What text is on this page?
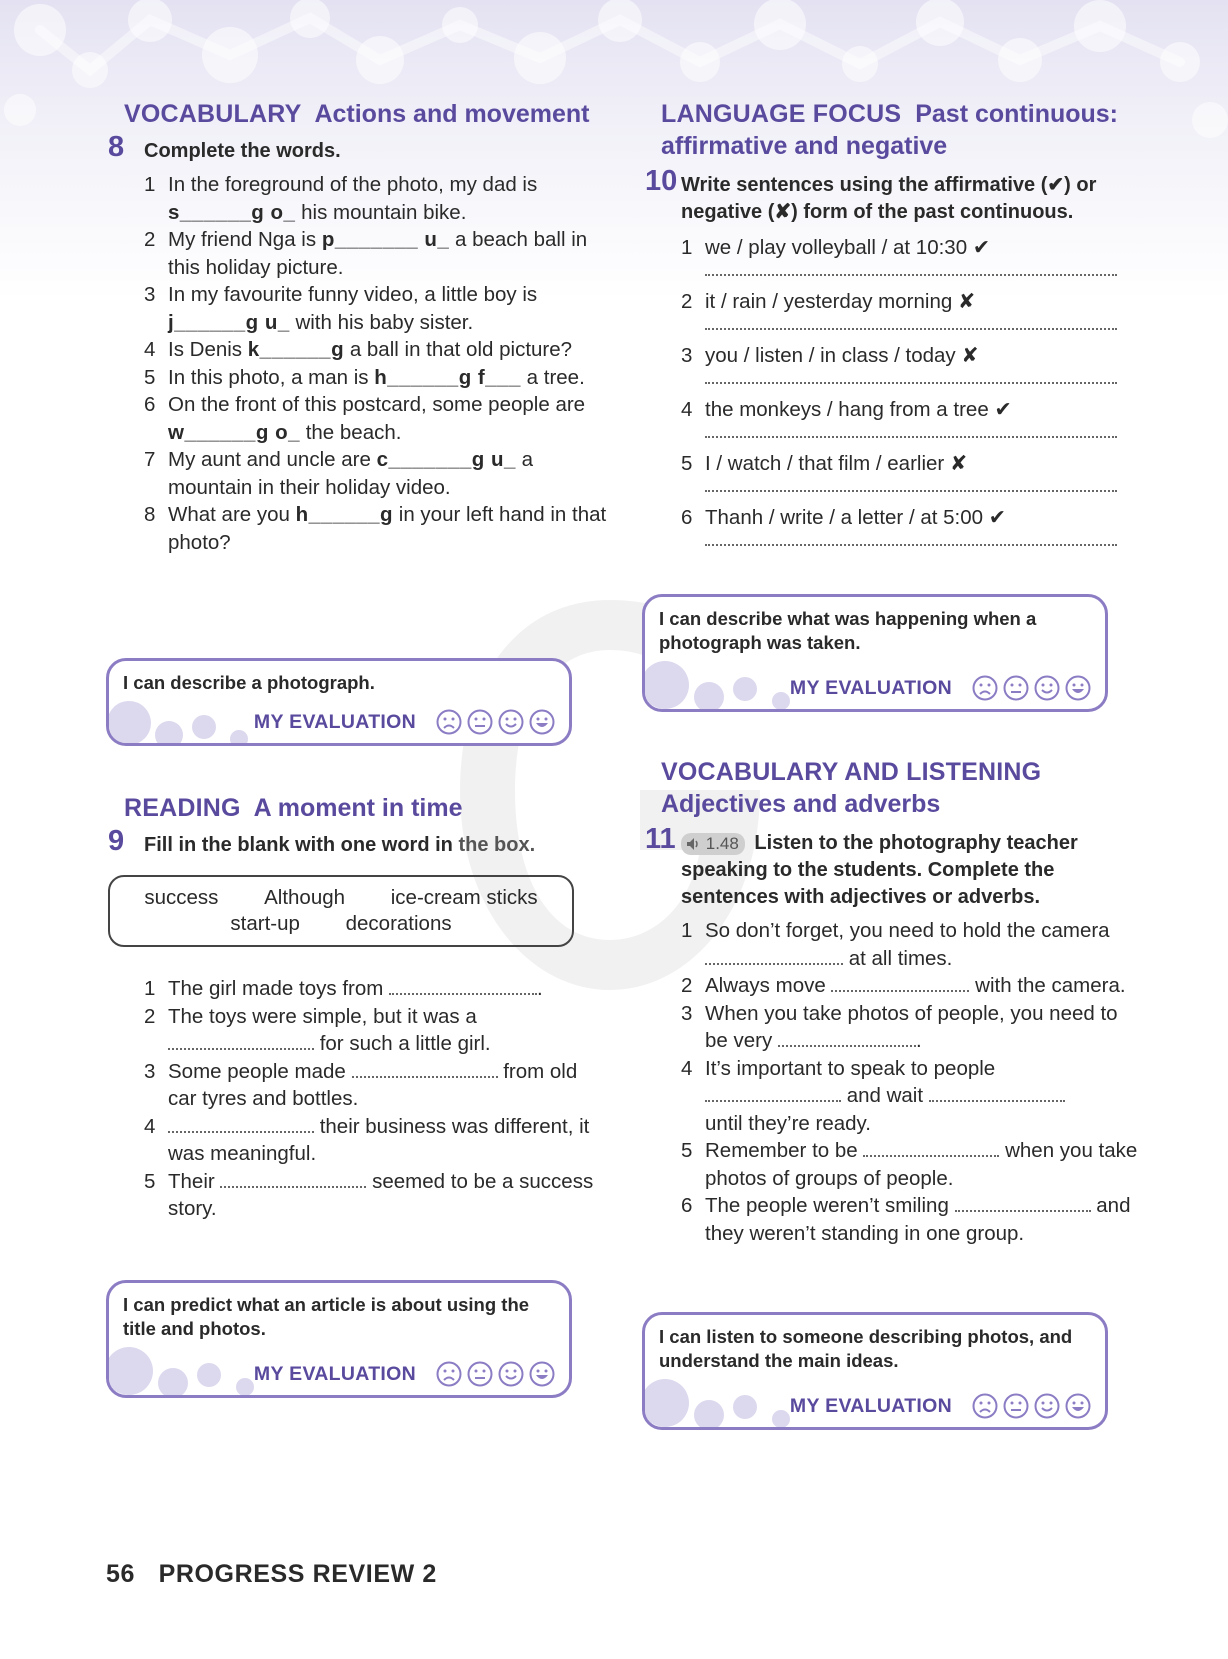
VOCABULARY Actions and movement
8 Complete the words.
1 In the foreground of the photo, my dad is
s______g o_ his mountain bike.
2 My friend Nga is p_______ u_ a beach ball in this holiday picture.
3 In my favourite funny video, a little boy is
j______g u_ with his baby sister.
4 Is Denis k______g a ball in that old picture?
5 In this photo, a man is h______g f___ a tree.
6 On the front of this postcard, some people are w______g o_ the beach.
7 My aunt and uncle are c_______g u_ a mountain in their holiday video.
8 What are you h______g in your left hand in that photo?
I can describe a photograph.
MY EVALUATION
READING A moment in time
9 Fill in the blank with one word in the box.
success Although ice-cream sticks
start-up decorations
1 The girl made toys from	.
2 The toys were simple, but it was a
for such a little girl.
3 Some people made	from old car tyres and bottles.
4	their business was different, it was meaningful.
5 Their	seemed to be a success story.
I can predict what an article is about using the title and photos.
MY EVALUATION
LANGUAGE FOCUS Past continuous:
affirmative and negative
10 Write sentences using the affirmative (✔) or negative (✘) form of the past continuous.
1 we / play volleyball / at 10:30 ✔
2 it / rain / yesterday morning ✘
3 you / listen / in class / today ✘
4 the monkeys / hang from a tree ✔
5 I / watch / that film / earlier ✘
6 Thanh / write / a letter / at 5:00 ✔
I can describe what was happening when a photograph was taken.
MY EVALUATION
VOCABULARY AND LISTENING
Adjectives and adverbs
11 1.48 Listen to the photography teacher speaking to the students. Complete the sentences with adjectives or adverbs.
1 So don’t forget, you need to hold the camera  at all times.
2 Always move	with the camera.
3 When you take photos of people, you need to be very	.
4 It’s important to speak to people
and wait
until they’re ready.
5 Remember to be	when you take photos of groups of people.
6 The people weren’t smiling	and they weren’t standing in one group.
I can listen to someone describing photos, and understand the main ideas.
MY EVALUATION
56 PROGRESS REVIEW 2
